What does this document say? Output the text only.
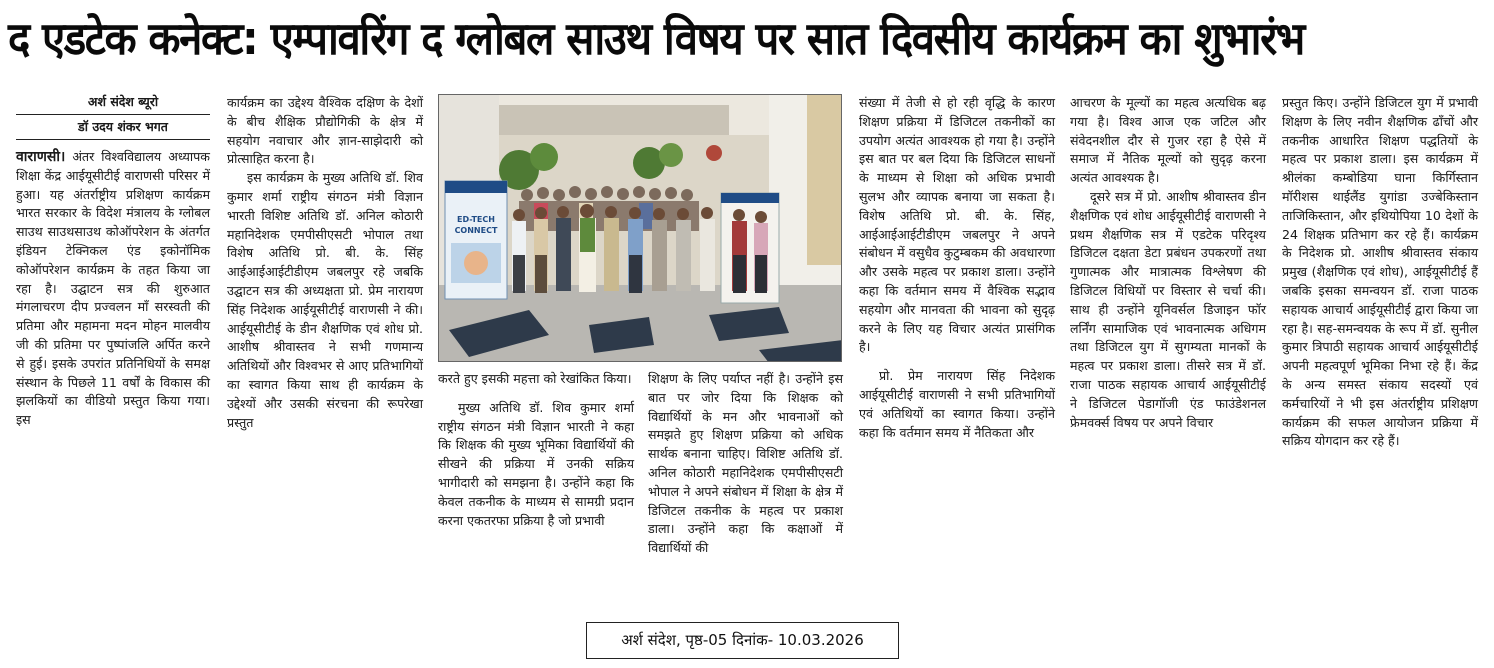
द एडटेक कनेक्ट: एम्पावरिंग द ग्लोबल साउथ विषय पर सात दिवसीय कार्यक्रम का शुभारंभ

अर्श संदेश ब्यूरो

डॉ उदय शंकर भगत

वाराणसी। अंतर विश्वविद्यालय अध्यापक शिक्षा केंद्र आईयूसीटीई वाराणसी परिसर में हुआ। यह अंतर्राष्ट्रीय प्रशिक्षण कार्यक्रम भारत सरकार के विदेश मंत्रालय के ग्लोबल साउथ साउथसाउथ कोऑपरेशन के अंतर्गत इंडियन टेक्निकल एंड इकोनॉमिक कोऑपरेशन कार्यक्रम के तहत किया जा रहा है। उद्घाटन सत्र की शुरुआत मंगलाचरण दीप प्रज्वलन माँ सरस्वती की प्रतिमा और महामना मदन मोहन मालवीय जी की प्रतिमा पर पुष्पांजलि अर्पित करने से हुई। इसके उपरांत प्रतिनिधियों के समक्ष संस्थान के पिछले 11 वर्षों के विकास की झलकियों का वीडियो प्रस्तुत किया गया। इस

कार्यक्रम का उद्देश्य वैश्विक दक्षिण के देशों के बीच शैक्षिक प्रौद्योगिकी के क्षेत्र में सहयोग नवाचार और ज्ञान-साझेदारी को प्रोत्साहित करना है।

इस कार्यक्रम के मुख्य अतिथि डॉ. शिव कुमार शर्मा राष्ट्रीय संगठन मंत्री विज्ञान भारती विशिष्ट अतिथि डॉ. अनिल कोठारी महानिदेशक एमपीसीएसटी भोपाल तथा विशेष अतिथि प्रो. बी. के. सिंह आईआईआईटीडीएम जबलपुर रहे जबकि उद्घाटन सत्र की अध्यक्षता प्रो. प्रेम नारायण सिंह निदेशक आईयूसीटीई वाराणसी ने की। आईयूसीटीई के डीन शैक्षणिक एवं शोध प्रो. आशीष श्रीवास्तव ने सभी गणमान्य अतिथियों और विश्वभर से आए प्रतिभागियों का स्वागत किया साथ ही कार्यक्रम के उद्देश्यों और उसकी संरचना की रूपरेखा प्रस्तुत

ED-TECH
CONNECT

करते हुए इसकी महत्ता को रेखांकित किया।

मुख्य अतिथि डॉ. शिव कुमार शर्मा राष्ट्रीय संगठन मंत्री विज्ञान भारती ने कहा कि शिक्षक की मुख्य भूमिका विद्यार्थियों की सीखने की प्रक्रिया में उनकी सक्रिय भागीदारी को समझना है। उन्होंने कहा कि केवल तकनीक के माध्यम से सामग्री प्रदान करना एकतरफा प्रक्रिया है जो प्रभावी

शिक्षण के लिए पर्याप्त नहीं है। उन्होंने इस बात पर जोर दिया कि शिक्षक को विद्यार्थियों के मन और भावनाओं को समझते हुए शिक्षण प्रक्रिया को अधिक सार्थक बनाना चाहिए। विशिष्ट अतिथि डॉ. अनिल कोठारी महानिदेशक एमपीसीएसटी भोपाल ने अपने संबोधन में शिक्षा के क्षेत्र में डिजिटल तकनीक के महत्व पर प्रकाश डाला। उन्होंने कहा कि कक्षाओं में विद्यार्थियों की

संख्या में तेजी से हो रही वृद्धि के कारण शिक्षण प्रक्रिया में डिजिटल तकनीकों का उपयोग अत्यंत आवश्यक हो गया है। उन्होंने इस बात पर बल दिया कि डिजिटल साधनों के माध्यम से शिक्षा को अधिक प्रभावी सुलभ और व्यापक बनाया जा सकता है। विशेष अतिथि प्रो. बी. के. सिंह, आईआईआईटीडीएम जबलपुर ने अपने संबोधन में वसुधैव कुटुम्बकम की अवधारणा और उसके महत्व पर प्रकाश डाला। उन्होंने कहा कि वर्तमान समय में वैश्विक सद्भाव सहयोग और मानवता की भावना को सुदृढ़ करने के लिए यह विचार अत्यंत प्रासंगिक है।

प्रो. प्रेम नारायण सिंह निदेशक आईयूसीटीई वाराणसी ने सभी प्रतिभागियों एवं अतिथियों का स्वागत किया। उन्होंने कहा कि वर्तमान समय में नैतिकता और

आचरण के मूल्यों का महत्व अत्यधिक बढ़ गया है। विश्व आज एक जटिल और संवेदनशील दौर से गुजर रहा है ऐसे में समाज में नैतिक मूल्यों को सुदृढ़ करना अत्यंत आवश्यक है।

दूसरे सत्र में प्रो. आशीष श्रीवास्तव डीन शैक्षणिक एवं शोध आईयूसीटीई वाराणसी ने प्रथम शैक्षणिक सत्र में एडटेक परिदृश्य डिजिटल दक्षता डेटा प्रबंधन उपकरणों तथा गुणात्मक और मात्रात्मक विश्लेषण की डिजिटल विधियों पर विस्तार से चर्चा की। साथ ही उन्होंने यूनिवर्सल डिजाइन फॉर लर्निंग सामाजिक एवं भावनात्मक अधिगम तथा डिजिटल युग में सुगम्यता मानकों के महत्व पर प्रकाश डाला। तीसरे सत्र में डॉ. राजा पाठक सहायक आचार्य आईयूसीटीई ने डिजिटल पेडागॉजी एंड फाउंडेशनल फ्रेमवर्क्स विषय पर अपने विचार

प्रस्तुत किए। उन्होंने डिजिटल युग में प्रभावी शिक्षण के लिए नवीन शैक्षणिक ढाँचों और तकनीक आधारित शिक्षण पद्धतियों के महत्व पर प्रकाश डाला। इस कार्यक्रम में श्रीलंका कम्बोडिया घाना किर्गिस्तान मॉरीशस थाईलैंड युगांडा उज्बेकिस्तान ताजिकिस्तान, और इथियोपिया 10 देशों के 24 शिक्षक प्रतिभाग कर रहे हैं। कार्यक्रम के निदेशक प्रो. आशीष श्रीवास्तव संकाय प्रमुख (शैक्षणिक एवं शोध), आईयूसीटीई हैं जबकि इसका समन्वयन डॉ. राजा पाठक सहायक आचार्य आईयूसीटीई द्वारा किया जा रहा है। सह-समन्वयक के रूप में डॉ. सुनील कुमार त्रिपाठी सहायक आचार्य आईयूसीटीई अपनी महत्वपूर्ण भूमिका निभा रहे हैं। केंद्र के अन्य समस्त संकाय सदस्यों एवं कर्मचारियों ने भी इस अंतर्राष्ट्रीय प्रशिक्षण कार्यक्रम की सफल आयोजन प्रक्रिया में सक्रिय योगदान कर रहे हैं।

अर्श संदेश, पृष्ठ-05 दिनांक- 10.03.2026
